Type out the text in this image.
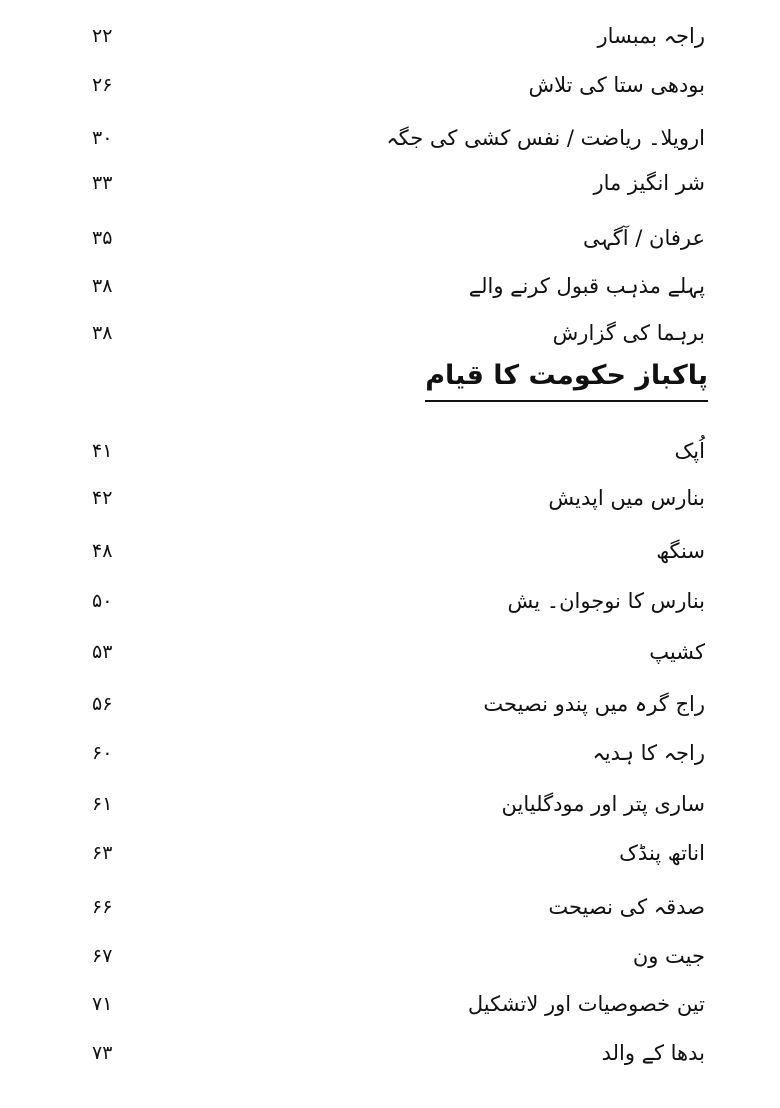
راجہ بمبسار
۲۲
بودھی ستا کی تلاش
۲۶
ارویلا۔ ریاضت / نفس کشی کی جگہ
۳۰
شر انگیز مار
۳۳
عرفان / آگہی
۳۵
پہلے مذہب قبول کرنے والے
۳۸
برہما کی گزارش
۳۸
پاکباز حکومت کا قیام
اُپک
۴۱
بنارس میں اپدیش
۴۲
سنگھ
۴۸
بنارس کا نوجوان۔ یش
۵۰
کشیپ
۵۳
راج گرہ میں پندو نصیحت
۵۶
راجہ کا ہدیہ
۶۰
ساری پتر اور مودگلیاین
۶۱
اناتھ پنڈک
۶۳
صدقہ کی نصیحت
۶۶
جیت ون
۶۷
تین خصوصیات اور لاتشکیل
۷۱
بدھا کے والد
۷۳
